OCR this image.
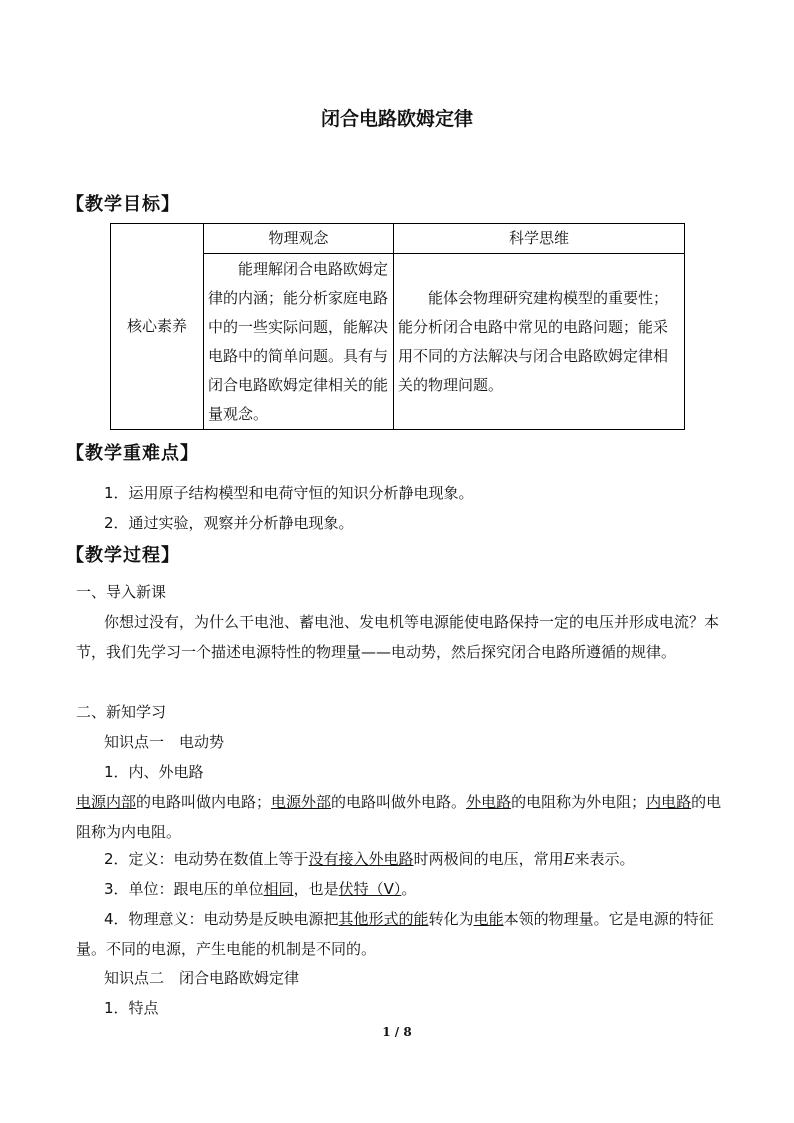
闭合电路欧姆定律
【教学目标】
核心素养	物理观念	科学思维
	能理解闭合电路欧姆定律的内涵；能分析家庭电路中的一些实际问题，能解决电路中的简单问题。具有与闭合电路欧姆定律相关的能量观念。	能体会物理研究建构模型的重要性；能分析闭合电路中常见的电路问题；能采用不同的方法解决与闭合电路欧姆定律相关的物理问题。
【教学重难点】
1．运用原子结构模型和电荷守恒的知识分析静电现象。
2．通过实验，观察并分析静电现象。
【教学过程】
一、导入新课
你想过没有，为什么干电池、蓄电池、发电机等电源能使电路保持一定的电压并形成电流？本节，我们先学习一个描述电源特性的物理量——电动势，然后探究闭合电路所遵循的规律。
二、新知学习
知识点一　电动势
1．内、外电路
电源内部的电路叫做内电路；电源外部的电路叫做外电路。外电路的电阻称为外电阻；内电路的电阻称为内电阻。
2．定义：电动势在数值上等于没有接入外电路时两极间的电压，常用E来表示。
3．单位：跟电压的单位相同，也是伏特（V）。
4．物理意义：电动势是反映电源把其他形式的能转化为电能本领的物理量。它是电源的特征量。不同的电源，产生电能的机制是不同的。
知识点二　闭合电路欧姆定律
1．特点
1 / 8
